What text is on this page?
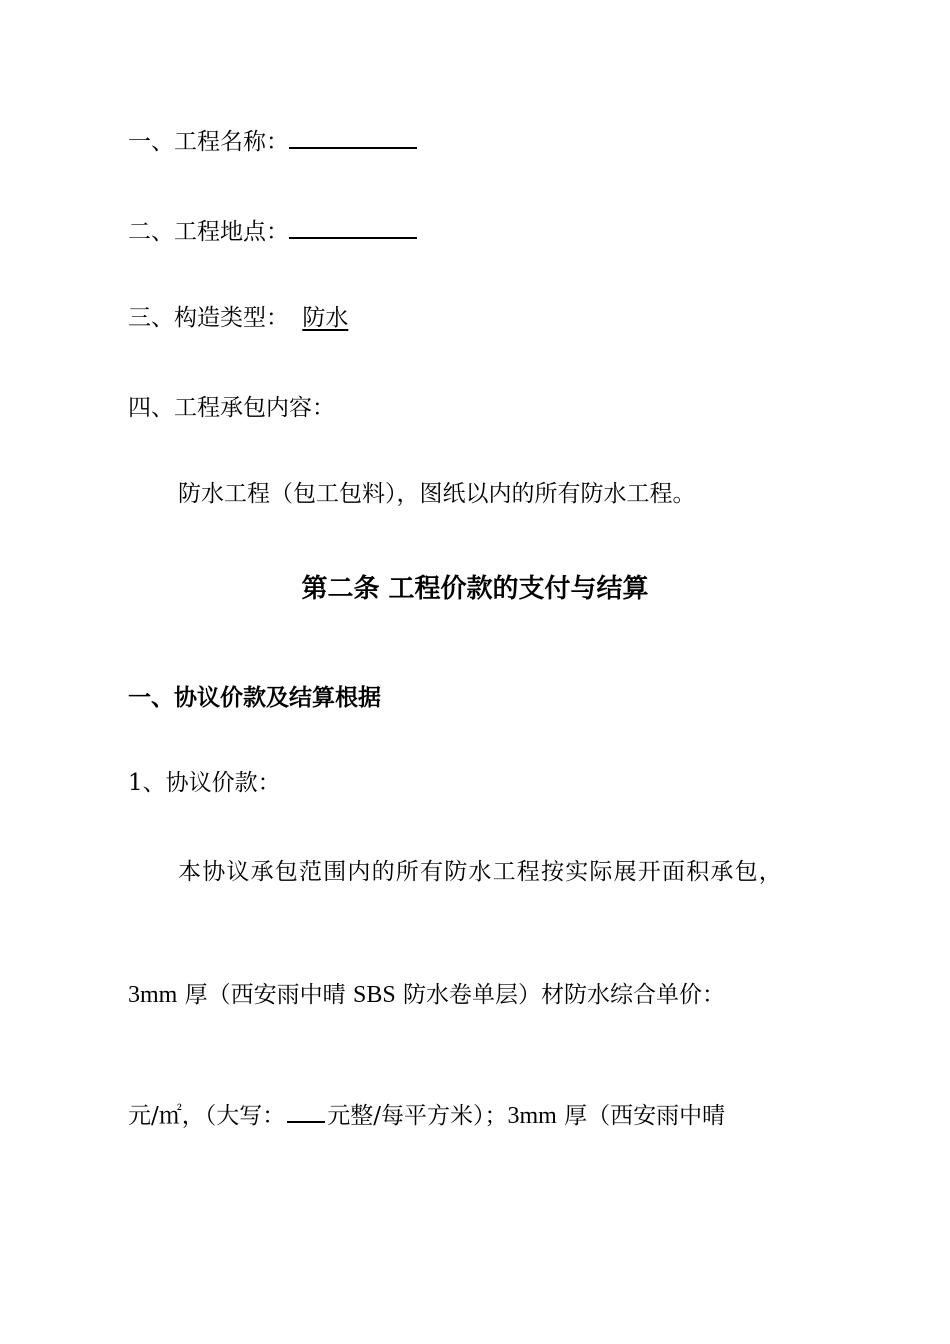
一、工程名称：
二、工程地点：
三、构造类型： 防水
四、工程承包内容：
防水工程（包工包料），图纸以内的所有防水工程。
第二条 工程价款的支付与结算
一、协议价款及结算根据
1、协议价款：
本协议承包范围内的所有防水工程按实际展开面积承包，
3mm 厚（西安雨中晴 SBS 防水卷单层）材防水综合单价：
元/㎡，（大写： 元整/每平方米）；3mm 厚（西安雨中晴
